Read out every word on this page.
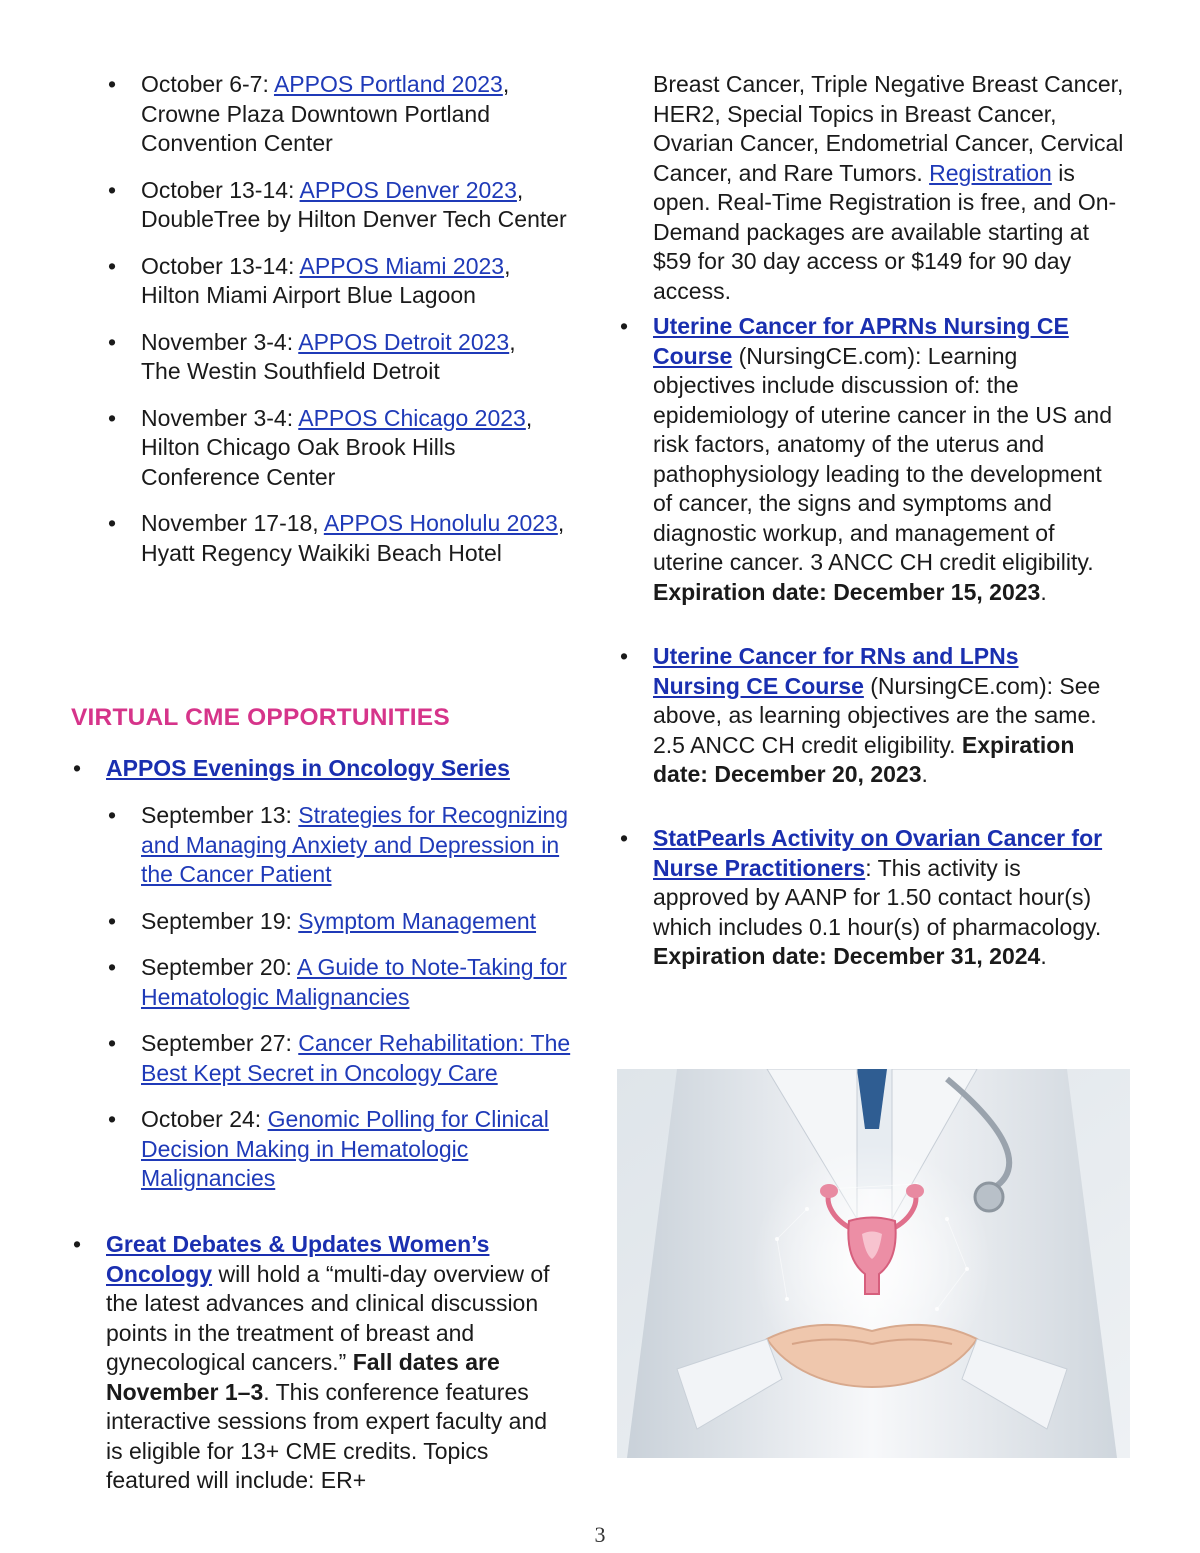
• October 6-7: APPOS Portland 2023,
Crowne Plaza Downtown Portland Convention Center
• October 13-14: APPOS Denver 2023,
DoubleTree by Hilton Denver Tech Center
• October 13-14: APPOS Miami 2023,
Hilton Miami Airport Blue Lagoon
• November 3-4: APPOS Detroit 2023,
The Westin Southfield Detroit
• November 3-4: APPOS Chicago 2023,
Hilton Chicago Oak Brook Hills Conference Center
• November 17-18, APPOS Honolulu 2023,
Hyatt Regency Waikiki Beach Hotel
VIRTUAL CME OPPORTUNITIES
• APPOS Evenings in Oncology Series
• September 13: Strategies for Recognizing and Managing Anxiety and Depression in the Cancer Patient
• September 19: Symptom Management
• September 20: A Guide to Note-Taking for Hematologic Malignancies
• September 27: Cancer Rehabilitation: The Best Kept Secret in Oncology Care
• October 24: Genomic Polling for Clinical Decision Making in Hematologic Malignancies
• Great Debates & Updates Women’s Oncology will hold a “multi-day overview of the latest advances and clinical discussion points in the treatment of breast and gynecological cancers.” Fall dates are November 1–3. This conference features interactive sessions from expert faculty and is eligible for 13+ CME credits. Topics featured will include: ER+
Breast Cancer, Triple Negative Breast Cancer, HER2, Special Topics in Breast Cancer, Ovarian Cancer, Endometrial Cancer, Cervical Cancer, and Rare Tumors. Registration is open. Real-Time Registration is free, and On-Demand packages are available starting at $59 for 30 day access or $149 for 90 day access.
• Uterine Cancer for APRNs Nursing CE Course (NursingCE.com): Learning objectives include discussion of: the epidemiology of uterine cancer in the US and risk factors, anatomy of the uterus and pathophysiology leading to the development of cancer, the signs and symptoms and diagnostic workup, and management of uterine cancer. 3 ANCC CH credit eligibility. Expiration date: December 15, 2023.
• Uterine Cancer for RNs and LPNs Nursing CE Course (NursingCE.com): See above, as learning objectives are the same. 2.5 ANCC CH credit eligibility. Expiration date: December 20, 2023.
• StatPearls Activity on Ovarian Cancer for Nurse Practitioners: This activity is approved by AANP for 1.50 contact hour(s) which includes 0.1 hour(s) of pharmacology. Expiration date: December 31, 2024.
3
